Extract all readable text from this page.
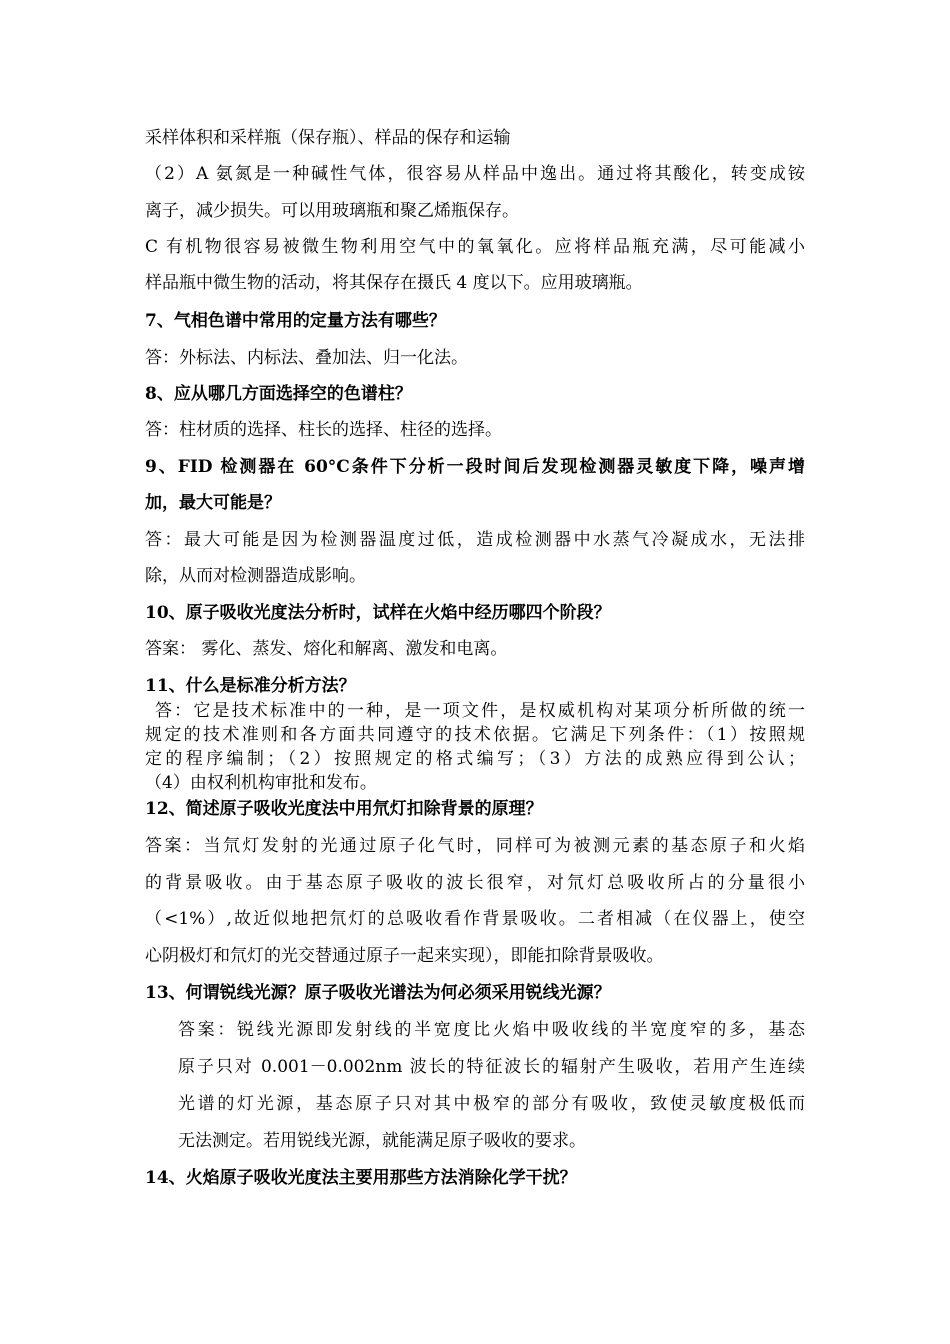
采样体积和采样瓶（保存瓶）、样品的保存和运输
（2）A 氨氮是一种碱性气体，很容易从样品中逸出。通过将其酸化，转变成铵
离子，减少损失。可以用玻璃瓶和聚乙烯瓶保存。
C 有机物很容易被微生物利用空气中的氧氧化。应将样品瓶充满，尽可能减小
样品瓶中微生物的活动，将其保存在摄氏 4 度以下。应用玻璃瓶。
7、气相色谱中常用的定量方法有哪些？
答：外标法、内标法、叠加法、归一化法。
8、应从哪几方面选择空的色谱柱？
答：柱材质的选择、柱长的选择、柱径的选择。
9、FID 检测器在 60°C条件下分析一段时间后发现检测器灵敏度下降，噪声增
加，最大可能是？
答：最大可能是因为检测器温度过低，造成检测器中水蒸气冷凝成水，无法排
除，从而对检测器造成影响。
10、原子吸收光度法分析时，试样在火焰中经历哪四个阶段？
答案： 雾化、蒸发、熔化和解离、激发和电离。
11、什么是标准分析方法？
答：它是技术标准中的一种，是一项文件，是权威机构对某项分析所做的统一
规定的技术准则和各方面共同遵守的技术依据。它满足下列条件：（1）按照规
定的程序编制；（2）按照规定的格式编写；（3）方法的成熟应得到公认；
（4）由权利机构审批和发布。
12、简述原子吸收光度法中用氘灯扣除背景的原理？
答案：当氘灯发射的光通过原子化气时，同样可为被测元素的基态原子和火焰
的背景吸收。由于基态原子吸收的波长很窄，对氘灯总吸收所占的分量很小
（<1%）,故近似地把氘灯的总吸收看作背景吸收。二者相减（在仪器上，使空
心阴极灯和氘灯的光交替通过原子一起来实现），即能扣除背景吸收。
13、何谓锐线光源？原子吸收光谱法为何必须采用锐线光源？
答案：锐线光源即发射线的半宽度比火焰中吸收线的半宽度窄的多，基态
原子只对 0.001－0.002nm 波长的特征波长的辐射产生吸收，若用产生连续
光谱的灯光源，基态原子只对其中极窄的部分有吸收，致使灵敏度极低而
无法测定。若用锐线光源，就能满足原子吸收的要求。
14、火焰原子吸收光度法主要用那些方法消除化学干扰？
